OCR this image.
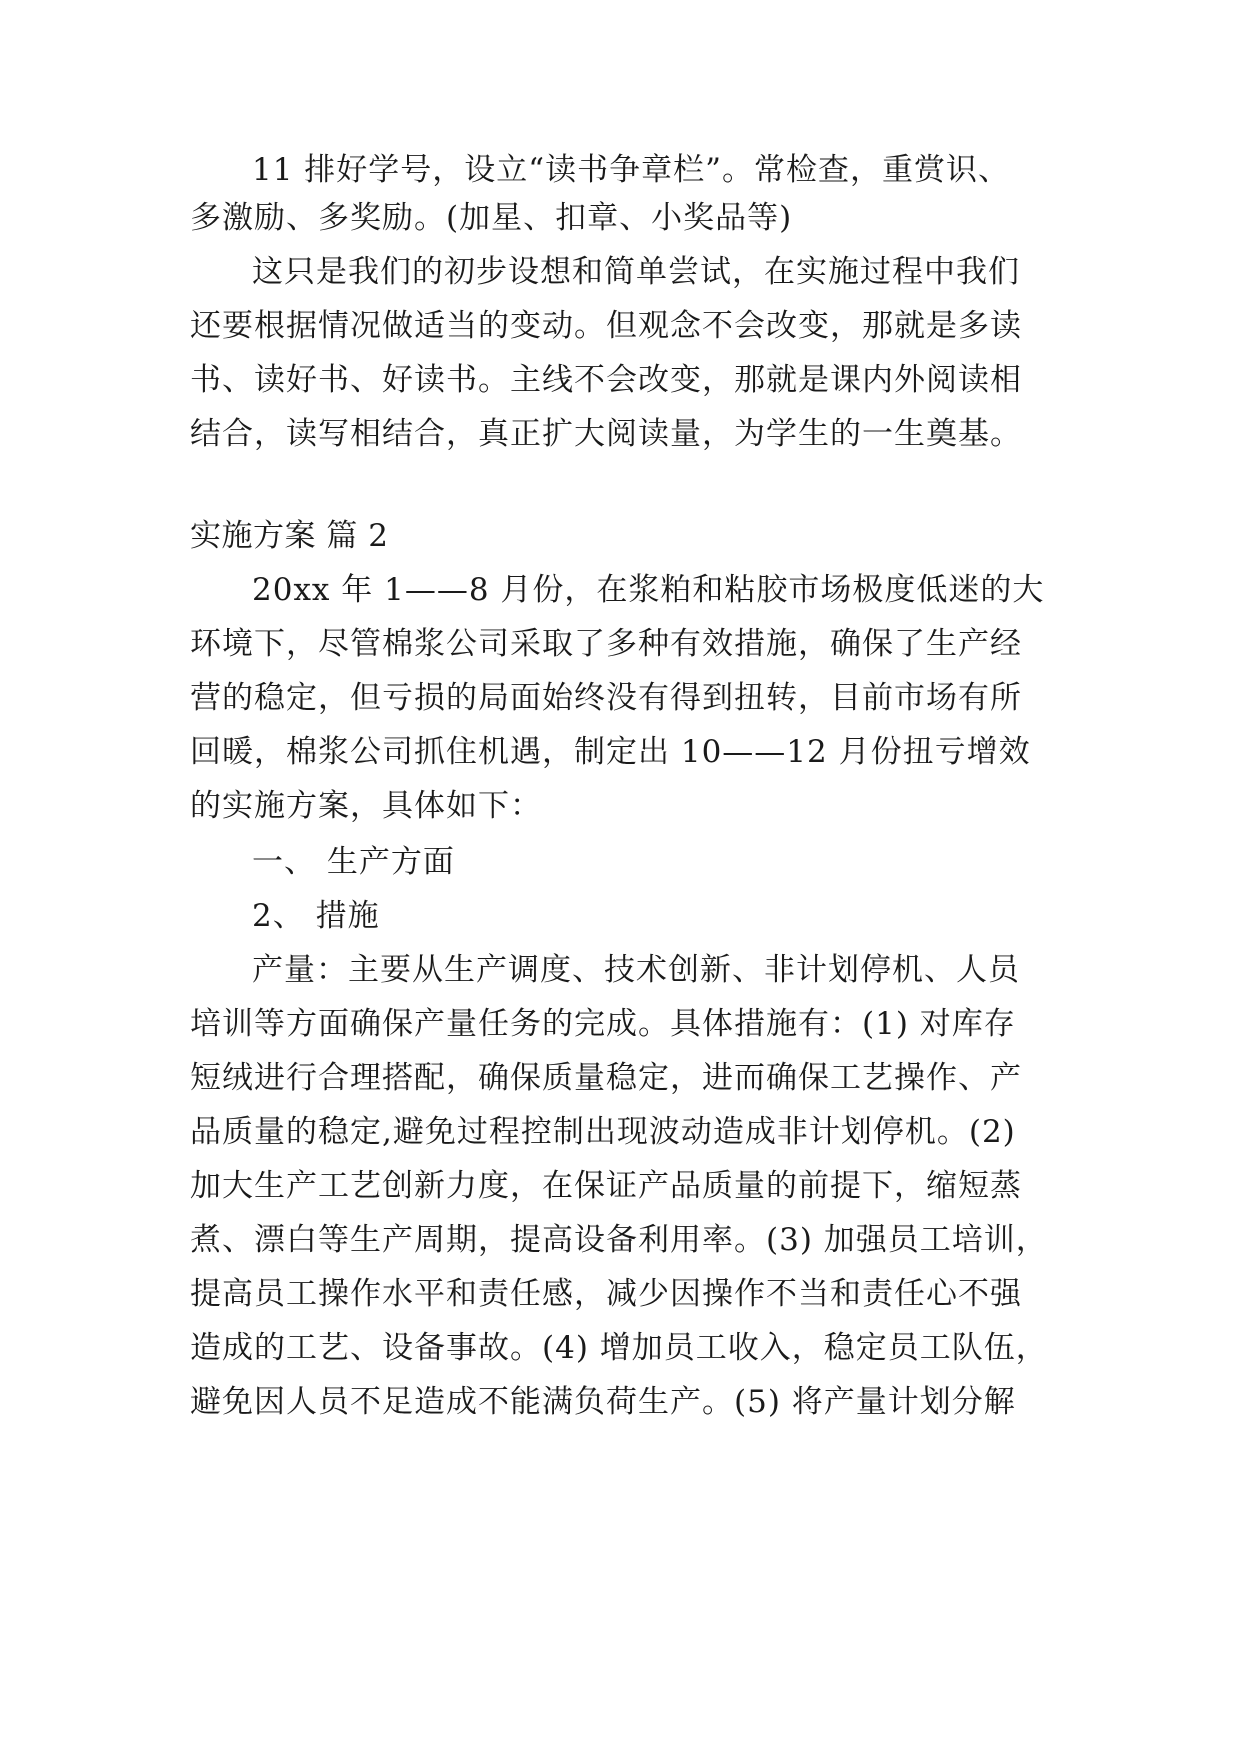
11 排好学号，设立“读书争章栏”。常检查，重赏识、
多激励、多奖励。(加星、扣章、小奖品等)
这只是我们的初步设想和简单尝试，在实施过程中我们
还要根据情况做适当的变动。但观念不会改变，那就是多读
书、读好书、好读书。主线不会改变，那就是课内外阅读相
结合，读写相结合，真正扩大阅读量，为学生的一生奠基。
实施方案 篇 2
20xx 年 1——8 月份，在浆粕和粘胶市场极度低迷的大
环境下，尽管棉浆公司采取了多种有效措施，确保了生产经
营的稳定，但亏损的局面始终没有得到扭转，目前市场有所
回暖，棉浆公司抓住机遇，制定出 10——12 月份扭亏增效
的实施方案，具体如下：
一、 生产方面
2、 措施
产量：主要从生产调度、技术创新、非计划停机、人员
培训等方面确保产量任务的完成。具体措施有：(1) 对库存
短绒进行合理搭配，确保质量稳定，进而确保工艺操作、产
品质量的稳定,避免过程控制出现波动造成非计划停机。(2)
加大生产工艺创新力度，在保证产品质量的前提下，缩短蒸
煮、漂白等生产周期，提高设备利用率。(3) 加强员工培训，
提高员工操作水平和责任感，减少因操作不当和责任心不强
造成的工艺、设备事故。(4) 增加员工收入，稳定员工队伍，
避免因人员不足造成不能满负荷生产。(5) 将产量计划分解
